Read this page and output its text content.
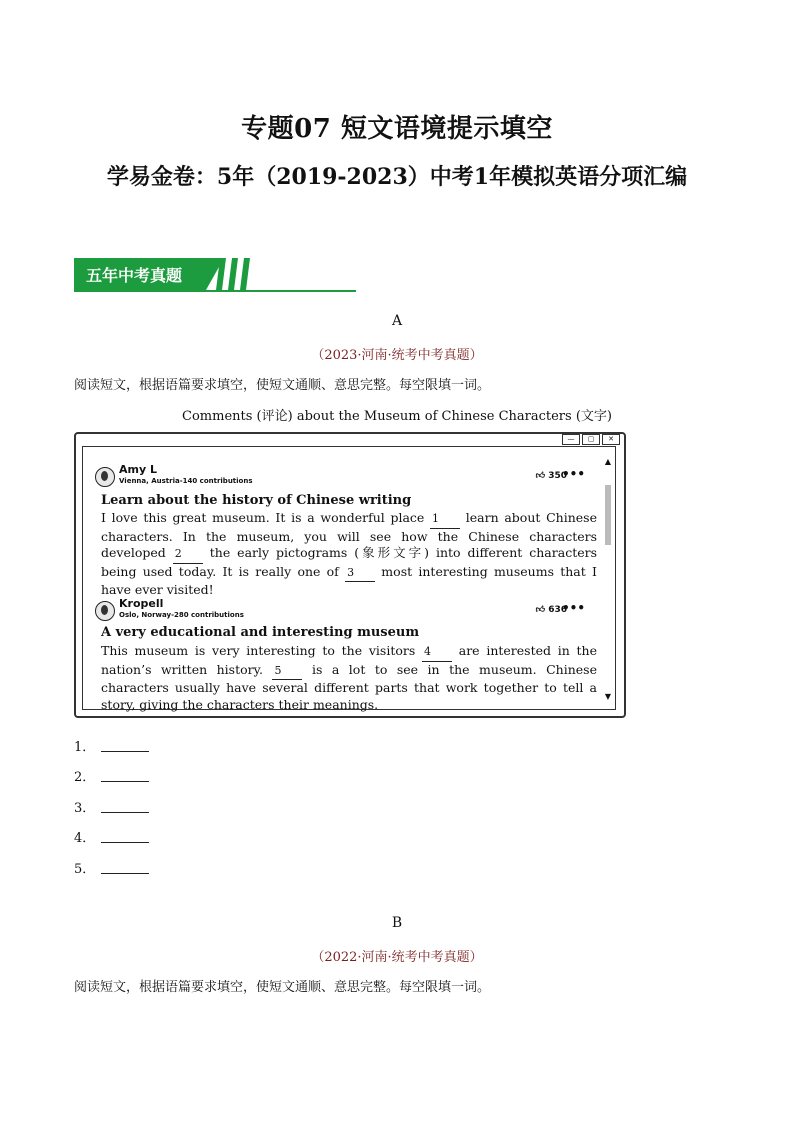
专题07 短文语境提示填空
学易金卷：5年（2019-2023）中考1年模拟英语分项汇编
五年中考真题
A
（2023·河南·统考中考真题）
阅读短文，根据语篇要求填空，使短文通顺、意思完整。每空限填一词。
Comments (评论) about the Museum of Chinese Characters (文字)
—	▢	✕
▲
▼
Amy L
Vienna, Austria-140 contributions	👍︎ 350
•••
Learn about the history of Chinese writing
I love this great museum. It is a wonderful place 1 learn about Chinese characters. In the museum, you will see how the Chinese characters developed 2 the early pictograms (象形文字) into different characters being used today. It is really one of 3 most interesting museums that I have ever visited!
Kropell
Oslo, Norway-280 contributions	👍︎ 636
•••
A very educational and interesting museum
This museum is very interesting to the visitors 4 are interested in the nation’s written history. 5 is a lot to see in the museum. Chinese characters usually have several different parts that work together to tell a story, giving the characters their meanings.
1．
2．
3．
4．
5．
B
（2022·河南·统考中考真题）
阅读短文，根据语篇要求填空，使短文通顺、意思完整。每空限填一词。
